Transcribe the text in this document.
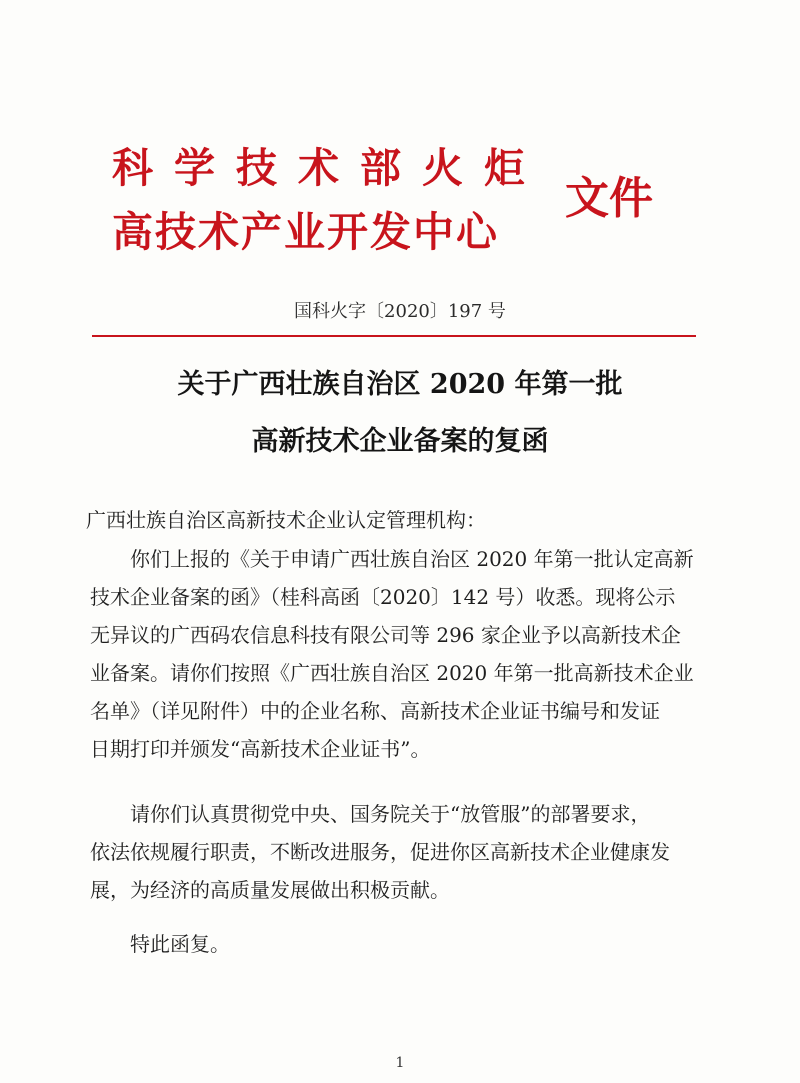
科学技术部火炬
高技术产业开发中心
文件
国科火字〔2020〕197 号
关于广西壮族自治区 2020 年第一批
高新技术企业备案的复函
广西壮族自治区高新技术企业认定管理机构：
　　你们上报的《关于申请广西壮族自治区 2020 年第一批认定高新
技术企业备案的函》（桂科高函〔2020〕142 号）收悉。现将公示
无异议的广西码农信息科技有限公司等 296 家企业予以高新技术企
业备案。请你们按照《广西壮族自治区 2020 年第一批高新技术企业
名单》（详见附件）中的企业名称、高新技术企业证书编号和发证
日期打印并颁发“高新技术企业证书”。
　　请你们认真贯彻党中央、国务院关于“放管服”的部署要求，
依法依规履行职责，不断改进服务，促进你区高新技术企业健康发
展，为经济的高质量发展做出积极贡献。
　　特此函复。
1
